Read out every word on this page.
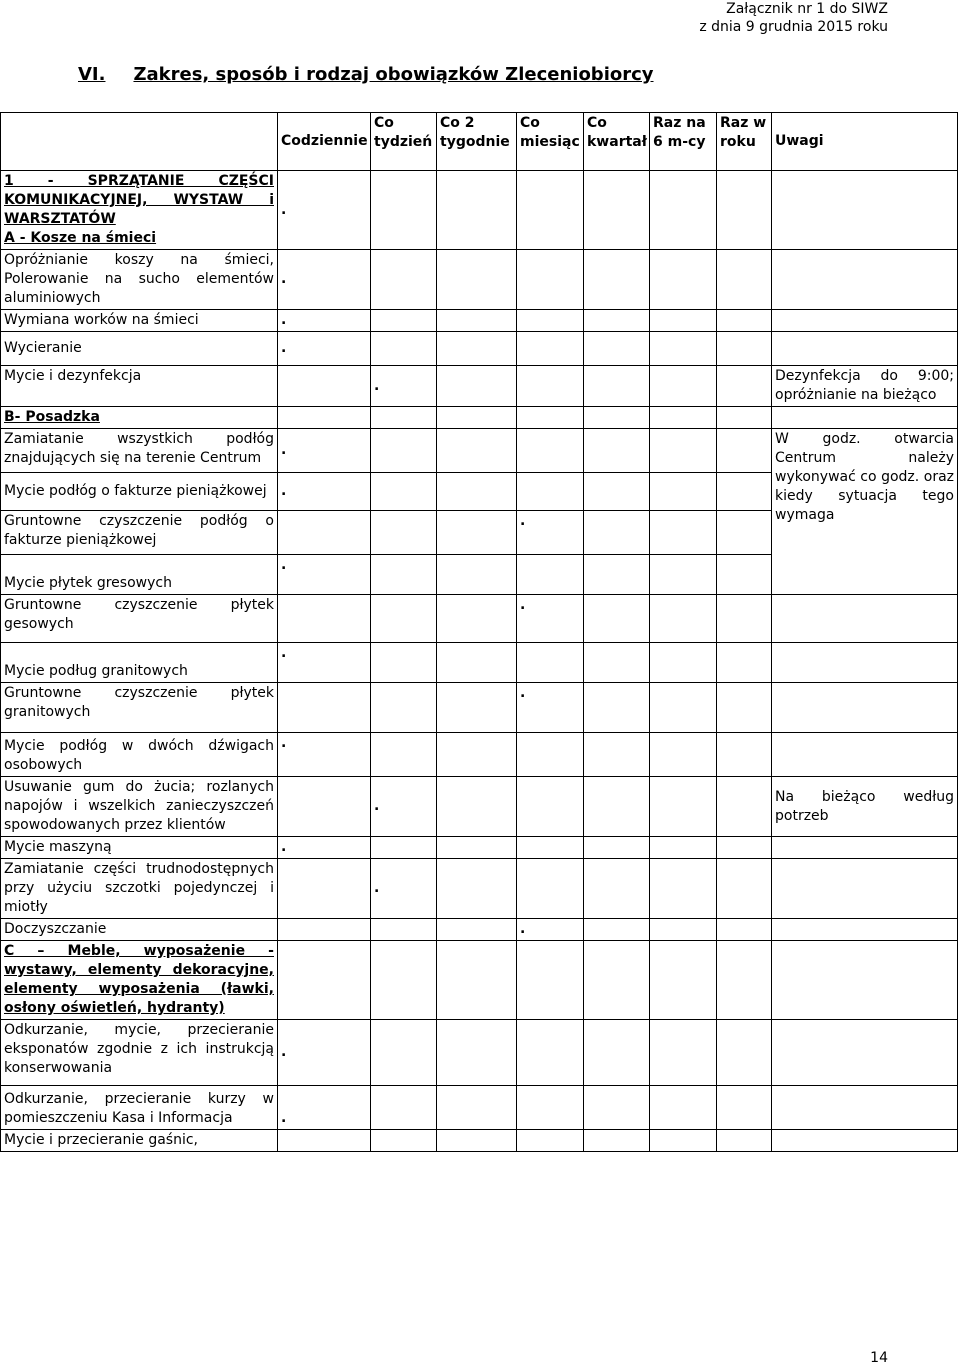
Załącznik nr 1 do SIWZ
z dnia 9 grudnia 2015 roku
VI. Zakres, sposób i rodzaj obowiązków Zleceniobiorcy
	Codziennie	Co tydzień	Co 2 tygodnie	Co miesiąc	Co kwartał	Raz na 6 m-cy	Raz w roku	Uwagi

1 - SPRZĄTANIE CZĘŚCI KOMUNIKACYJNEJ, WYSTAW i WARSZTATÓW
A - Kosze na śmieci	.							
Opróżnianie koszy na śmieci, Polerowanie na sucho elementów aluminiowych	.							
Wymiana worków na śmieci	.							
Wycieranie	.							
Mycie i dezynfekcja		.						Dezynfekcja do 9:00; opróżnianie na bieżąco
B- Posadzka								
Zamiatanie wszystkich podłóg znajdujących się na terenie Centrum	.							W godz. otwarcia Centrum należy wykonywać co godz. oraz kiedy sytuacja tego wymaga
Mycie podłóg o fakturze pieniążkowej	.							
Gruntowne czyszczenie podłóg o fakturze pieniążkowej				.				
Mycie płytek gresowych	.							
Gruntowne czyszczenie płytek gesowych				.				
Mycie podług granitowych	.							
Gruntowne czyszczenie płytek granitowych				.				
Mycie podłóg w dwóch dźwigach osobowych	.							
Usuwanie gum do żucia; rozlanych napojów i wszelkich zanieczyszczeń spowodowanych przez klientów		.						Na bieżąco według potrzeb
Mycie maszyną	.							
Zamiatanie części trudnodostępnych przy użyciu szczotki pojedynczej i miotły		.						
Doczyszczanie				.				
C – Meble, wyposażenie - wystawy, elementy dekoracyjne, elementy wyposażenia (ławki, osłony oświetleń, hydranty)								
Odkurzanie, mycie, przecieranie eksponatów zgodnie z ich instrukcją konserwowania	.							
Odkurzanie, przecieranie kurzy w pomieszczeniu Kasa i Informacja	.							
Mycie i przecieranie gaśnic,								
14
